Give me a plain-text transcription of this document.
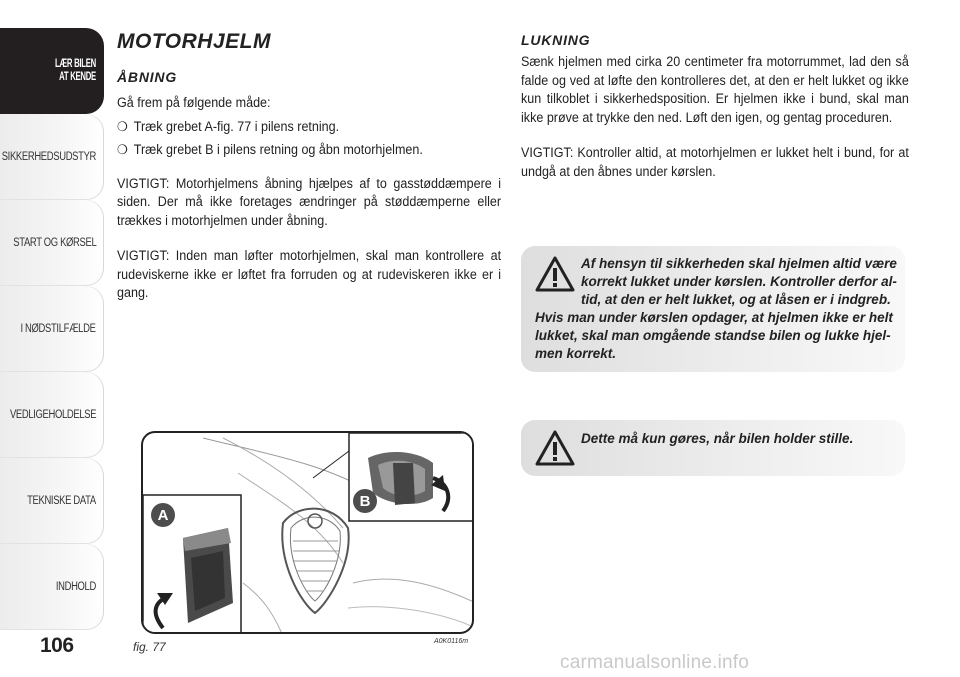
LÆR BILEN
AT KENDE
SIKKERHEDSUDSTYR
START OG KØRSEL
I NØDSTILFÆLDE
VEDLIGEHOLDELSE
TEKNISKE DATA
INDHOLD
106
MOTORHJELM
ÅBNING
Gå frem på følgende måde:
❍ Træk grebet A-fig. 77 i pilens retning.
❍ Træk grebet B i pilens retning og åbn motorhjelmen.
VIGTIGT: Motorhjelmens åbning hjælpes af to gasstøddæmpere i siden. Der må ikke foretages ændringer på støddæmperne eller trækkes i motorhjelmen under åbning.
VIGTIGT: Inden man løfter motorhjelmen, skal man kontrollere at rudeviskerne ikke er løftet fra forruden og at rudeviskeren ikke er i gang.
LUKNING
Sænk hjelmen med cirka 20 centimeter fra motorrummet, lad den så falde og ved at løfte den kontrolleres det, at den er helt lukket og ikke kun tilkoblet i sikkerhedsposition. Er hjelmen ikke i bund, skal man ikke prøve at trykke den ned. Løft den igen, og gentag proceduren.
VIGTIGT: Kontroller altid, at motorhjelmen er lukket helt i bund, for at undgå at den åbnes under kørslen.
Af hensyn til sikkerheden skal hjelmen altid være
korrekt lukket under kørslen. Kontroller derfor al-
tid, at den er helt lukket, og at låsen er i indgreb.
Hvis man under kørslen opdager, at hjelmen ikke er helt
lukket, skal man omgående standse bilen og lukke hjel-
men korrekt.
Dette må kun gøres, når bilen holder stille.
A
B
fig. 77	A0K0116m
carmanualsonline.info
